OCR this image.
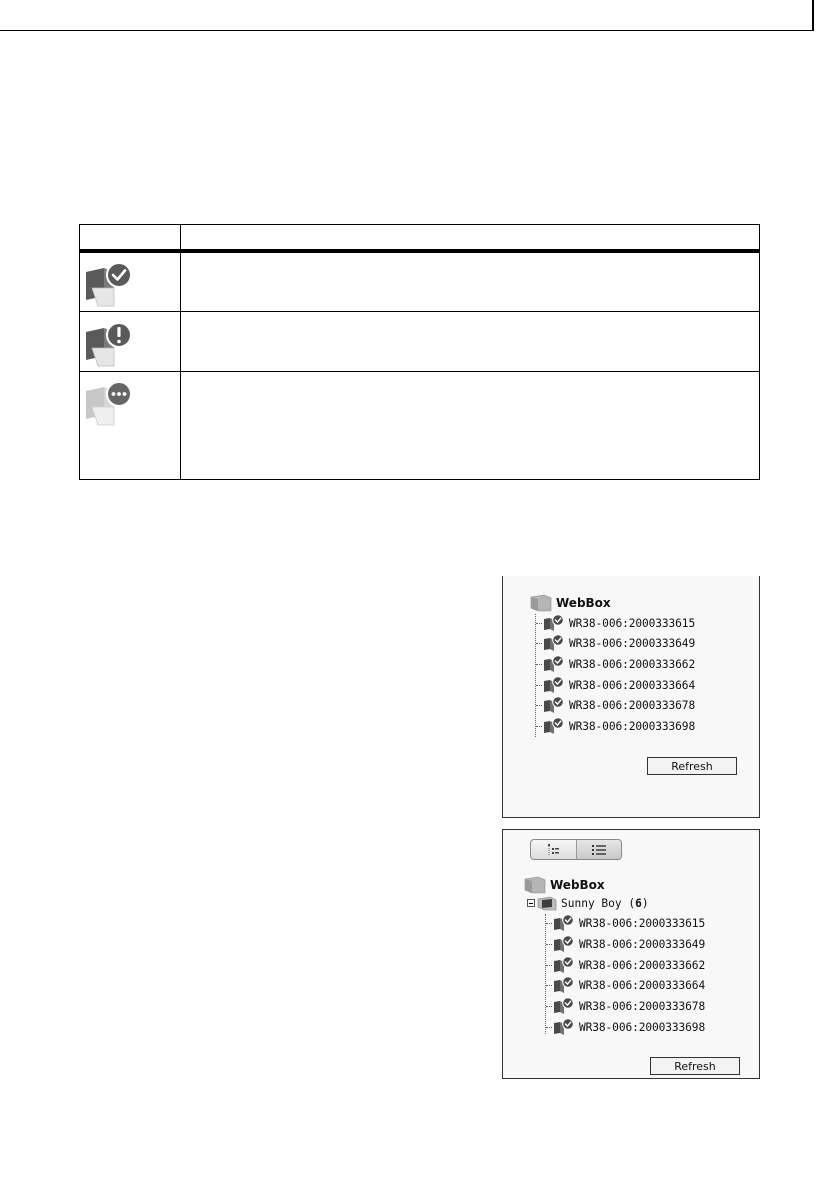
WebBox
WR38-006:2000333615
WR38-006:2000333649
WR38-006:2000333662
WR38-006:2000333664
WR38-006:2000333678
WR38-006:2000333698
Refresh
WebBox
Sunny Boy (6)
WR38-006:2000333615
WR38-006:2000333649
WR38-006:2000333662
WR38-006:2000333664
WR38-006:2000333678
WR38-006:2000333698
Refresh
